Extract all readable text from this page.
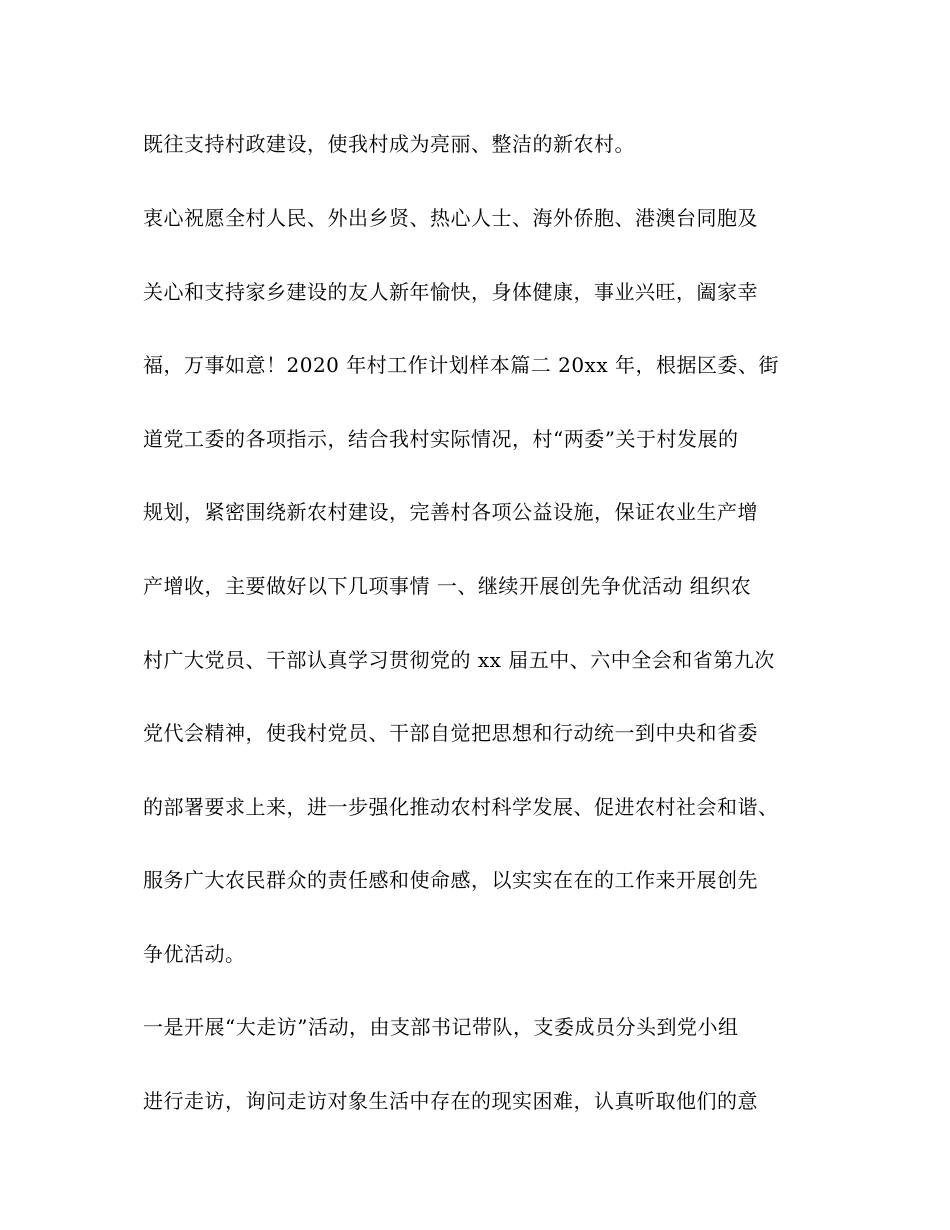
既往支持村政建设，使我村成为亮丽、整洁的新农村。
衷心祝愿全村人民、外出乡贤、热心人士、海外侨胞、港澳台同胞及
关心和支持家乡建设的友人新年愉快，身体健康，事业兴旺，阖家幸
福，万事如意！2020 年村工作计划样本篇二 20xx 年，根据区委、街
道党工委的各项指示，结合我村实际情况，村“两委”关于村发展的
规划，紧密围绕新农村建设，完善村各项公益设施，保证农业生产增
产增收，主要做好以下几项事情 一、继续开展创先争优活动 组织农
村广大党员、干部认真学习贯彻党的 xx 届五中、六中全会和省第九次
党代会精神，使我村党员、干部自觉把思想和行动统一到中央和省委
的部署要求上来，进一步强化推动农村科学发展、促进农村社会和谐、
服务广大农民群众的责任感和使命感，以实实在在的工作来开展创先
争优活动。
一是开展“大走访”活动，由支部书记带队，支委成员分头到党小组
进行走访，询问走访对象生活中存在的现实困难，认真听取他们的意
